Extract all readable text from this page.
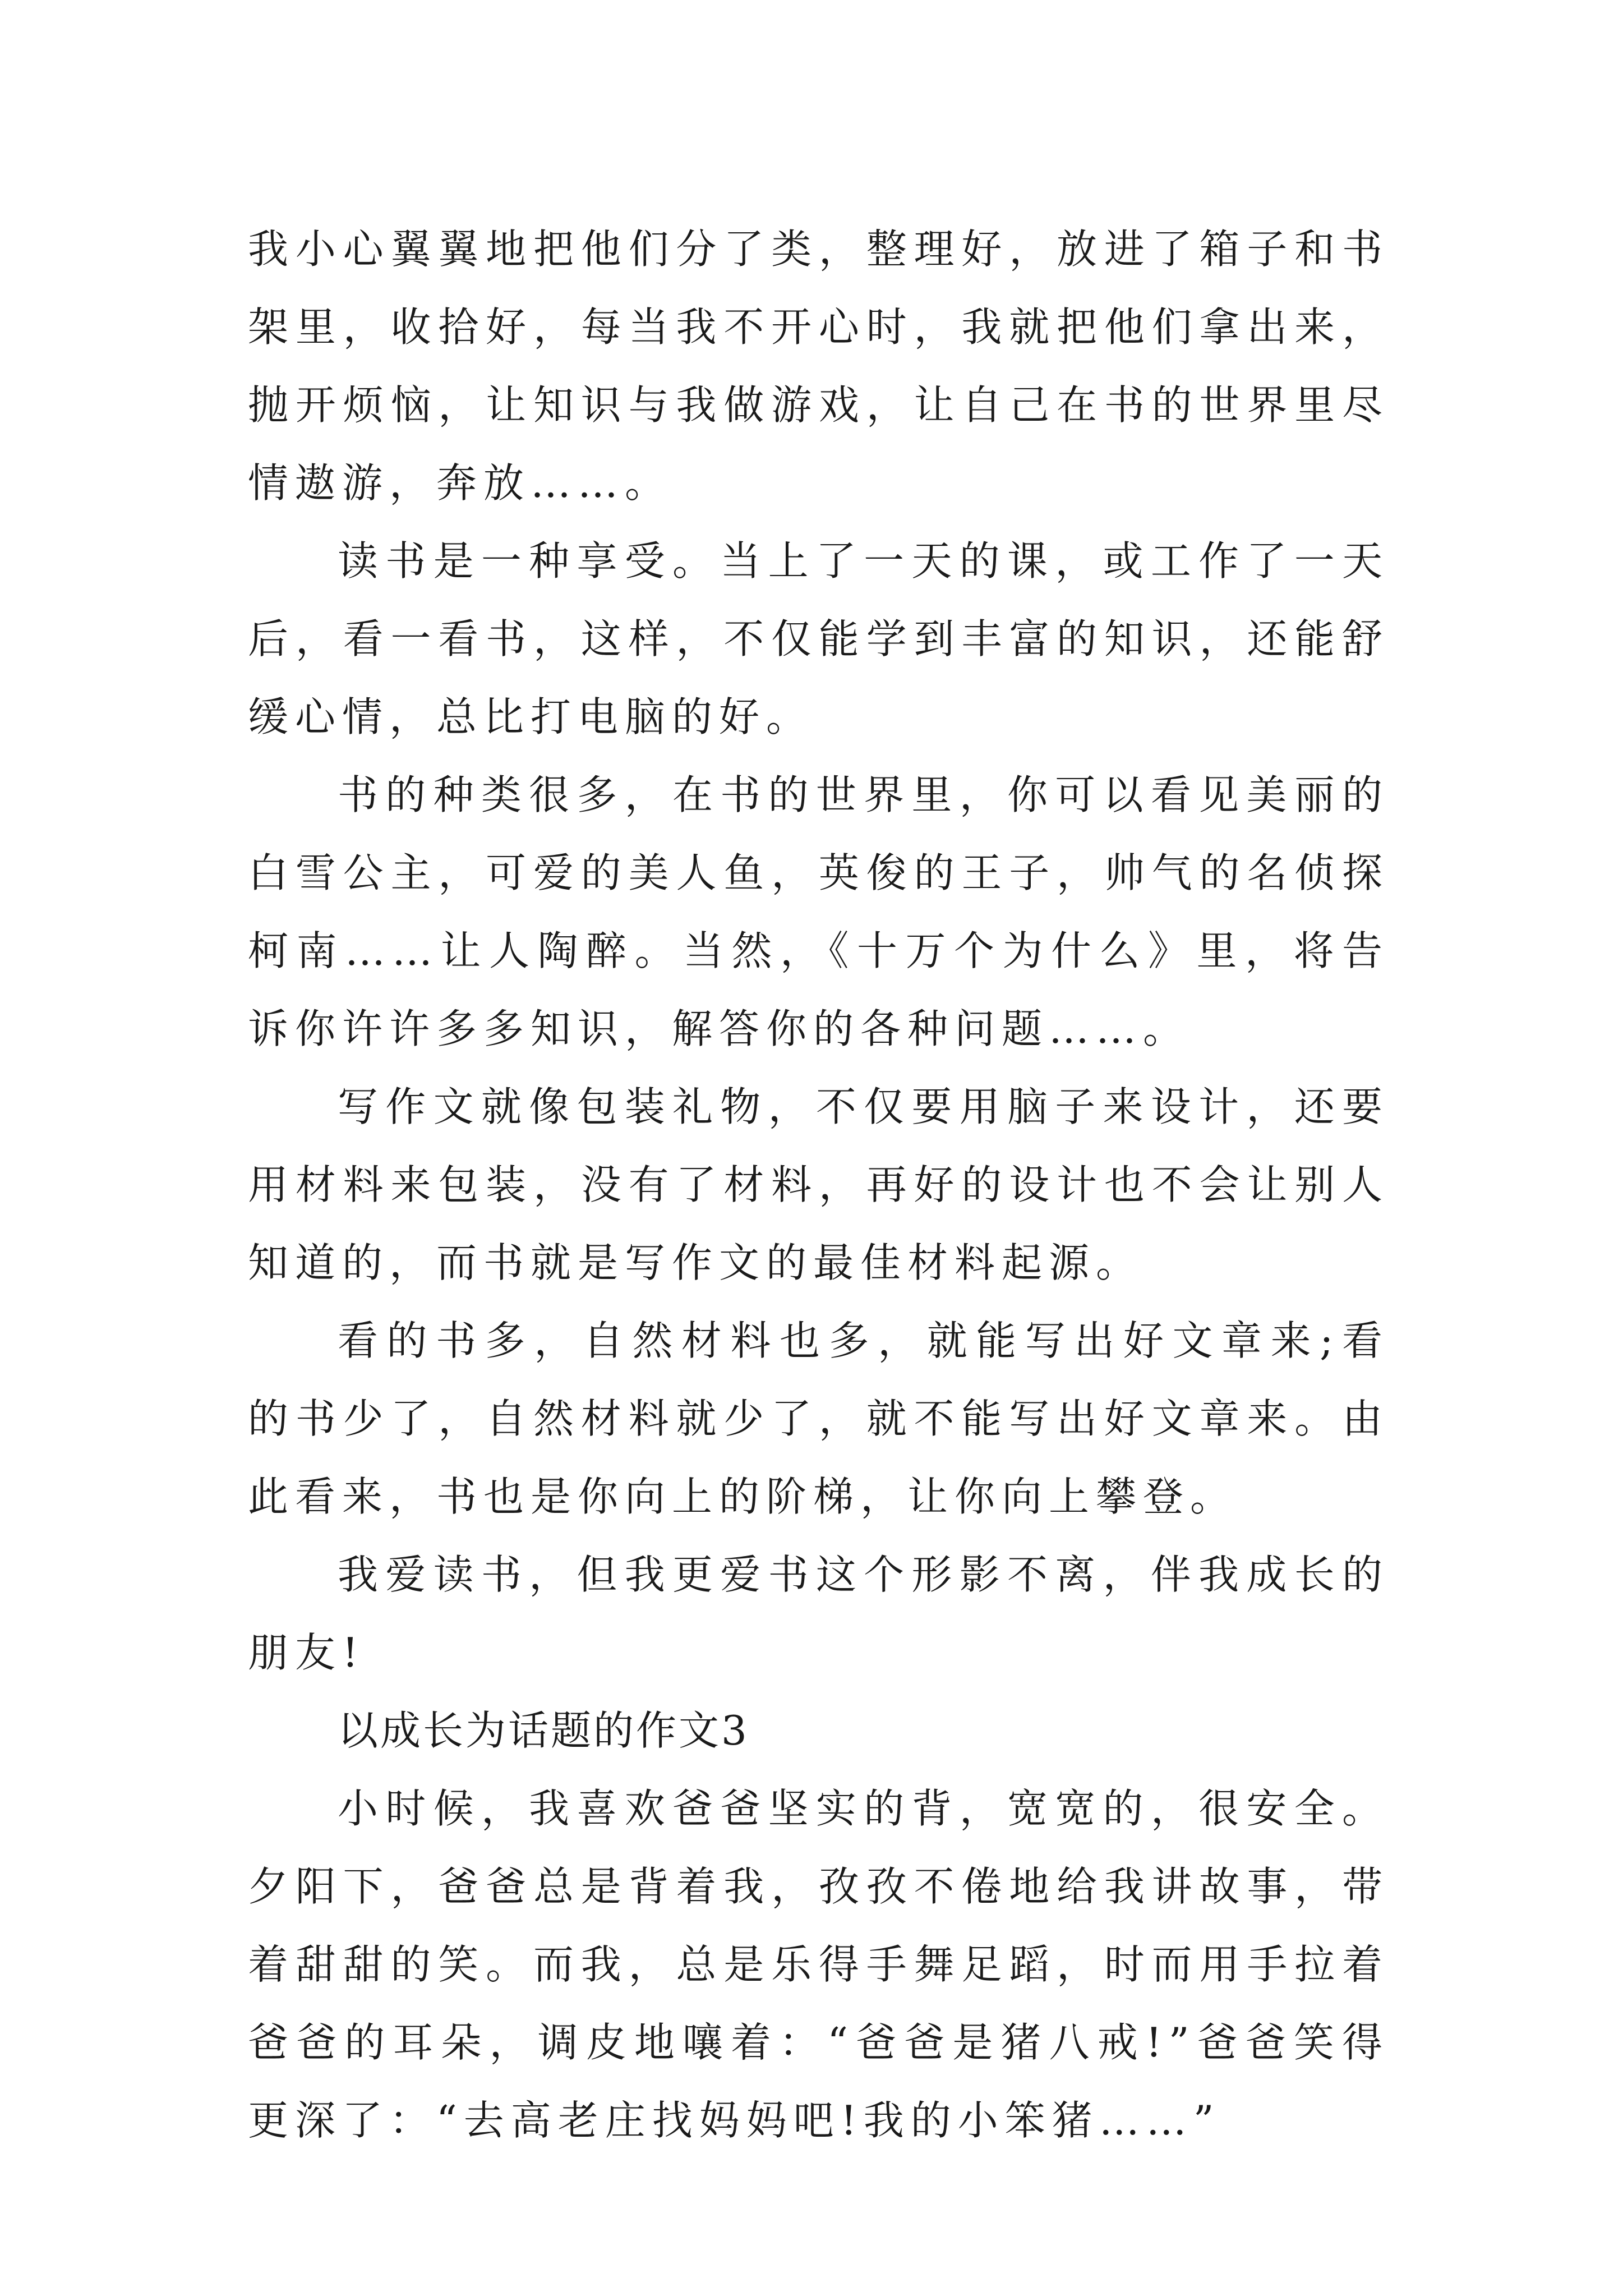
我小心翼翼地把他们分了类，整理好，放进了箱子和书架里，收拾好，每当我不开心时，我就把他们拿出来，抛开烦恼，让知识与我做游戏，让自己在书的世界里尽情遨游，奔放……。

读书是一种享受。当上了一天的课，或工作了一天后，看一看书，这样，不仅能学到丰富的知识，还能舒缓心情，总比打电脑的好。

书的种类很多，在书的世界里，你可以看见美丽的白雪公主，可爱的美人鱼，英俊的王子，帅气的名侦探柯南……让人陶醉。当然，《十万个为什么》里，将告诉你许许多多知识，解答你的各种问题……。

写作文就像包装礼物，不仅要用脑子来设计，还要用材料来包装，没有了材料，再好的设计也不会让别人知道的，而书就是写作文的最佳材料起源。

看的书多，自然材料也多，就能写出好文章来;看的书少了，自然材料就少了，就不能写出好文章来。由此看来，书也是你向上的阶梯，让你向上攀登。

我爱读书，但我更爱书这个形影不离，伴我成长的朋友!

以成长为话题的作文3

小时候，我喜欢爸爸坚实的背，宽宽的，很安全。夕阳下，爸爸总是背着我，孜孜不倦地给我讲故事，带着甜甜的笑。而我，总是乐得手舞足蹈，时而用手拉着爸爸的耳朵，调皮地嚷着：“爸爸是猪八戒!”爸爸笑得更深了：“去高老庄找妈妈吧!我的小笨猪……”
